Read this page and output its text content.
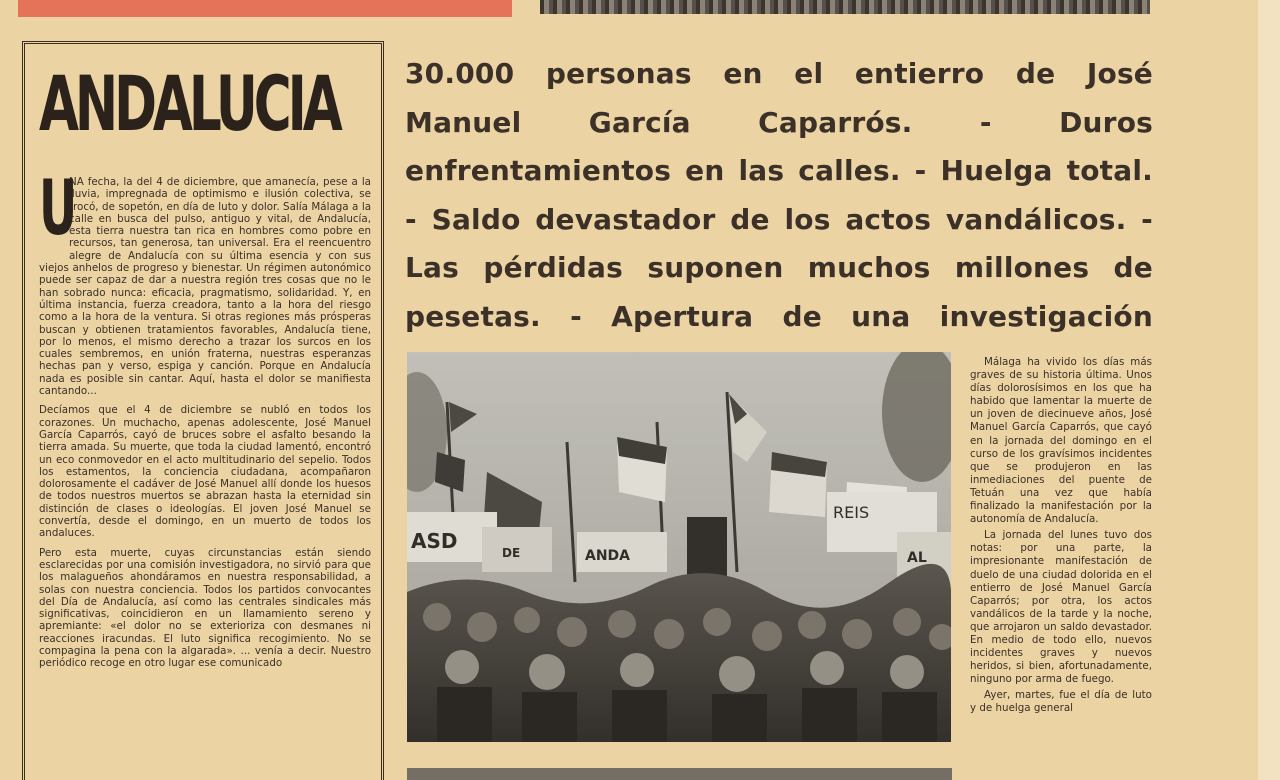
ANDALUCIA

U
NA fecha, la del 4 de diciembre, que amanecía, pese a la lluvia, impregnada de optimismo e ilusión colectiva, se trocó, de sopetón, en día de luto y dolor. Salía Málaga a la calle en busca del pulso, antiguo y vital, de Andalucía, esta tierra nuestra tan rica en hombres como pobre en recursos, tan generosa, tan universal. Era el reencuentro alegre de Andalucía con su última esencia y con sus viejos anhelos de progreso y bienestar. Un régimen autonómico puede ser capaz de dar a nuestra región tres cosas que no le han sobrado nunca: eficacia, pragmatismo, solidaridad. Y, en última instancia, fuerza creadora, tanto a la hora del riesgo como a la hora de la ventura. Si otras regiones más prósperas buscan y obtienen tratamientos favorables, Andalucía tiene, por lo menos, el mismo derecho a trazar los surcos en los cuales sembremos, en unión fraterna, nuestras esperanzas hechas pan y verso, espiga y canción. Porque en Andalucía nada es posible sin cantar. Aquí, hasta el dolor se manifiesta cantando...

Decíamos que el 4 de diciembre se nubló en todos los corazones. Un muchacho, apenas adolescente, José Manuel García Caparrós, cayó de bruces sobre el asfalto besando la tierra amada. Su muerte, que toda la ciudad lamentó, encontró un eco conmovedor en el acto multitudinario del sepelio. Todos los estamentos, la conciencia ciudadana, acompañaron dolorosamente el cadáver de José Manuel allí donde los huesos de todos nuestros muertos se abrazan hasta la eternidad sin distinción de clases o ideologías. El joven José Manuel se convertía, desde el domingo, en un muerto de todos los andaluces.

Pero esta muerte, cuyas circunstancias están siendo esclarecidas por una comisión investigadora, no sirvió para que los malagueños ahondáramos en nuestra responsabilidad, a solas con nuestra conciencia. Todos los partidos convocantes del Día de Andalucía, así como las centrales sindicales más significativas, coincidieron en un llamamiento sereno y apremiante: «el dolor no se exterioriza con desmanes ni reacciones iracundas. El luto significa recogimiento. No se compagina la pena con la algarada». ... venía a decir. Nuestro periódico recoge en otro lugar ese comunicado

30.000 personas en el entierro de José Manuel García Caparrós. - Duros enfrentamientos en las calles. - Huelga total. - Saldo devastador de los actos vandálicos. - Las pérdidas suponen muchos millones de pesetas. - Apertura de una investigación
ASD	DE	ANDA
REIS
AL

Málaga ha vivido los días más graves de su historia última. Unos días dolorosísimos en los que ha habido que lamentar la muerte de un joven de diecinueve años, José Manuel García Caparrós, que cayó en la jornada del domingo en el curso de los gravísimos incidentes que se produjeron en las inmediaciones del puente de Tetuán una vez que había finalizado la manifestación por la autonomía de Andalucía.

La jornada del lunes tuvo dos notas: por una parte, la impresionante manifestación de duelo de una ciudad dolorida en el entierro de José Manuel García Caparrós; por otra, los actos vandálicos de la tarde y la noche, que arrojaron un saldo devastador. En medio de todo ello, nuevos incidentes graves y nuevos heridos, si bien, afortunadamente, ninguno por arma de fuego.

Ayer, martes, fue el día de luto y de huelga general
